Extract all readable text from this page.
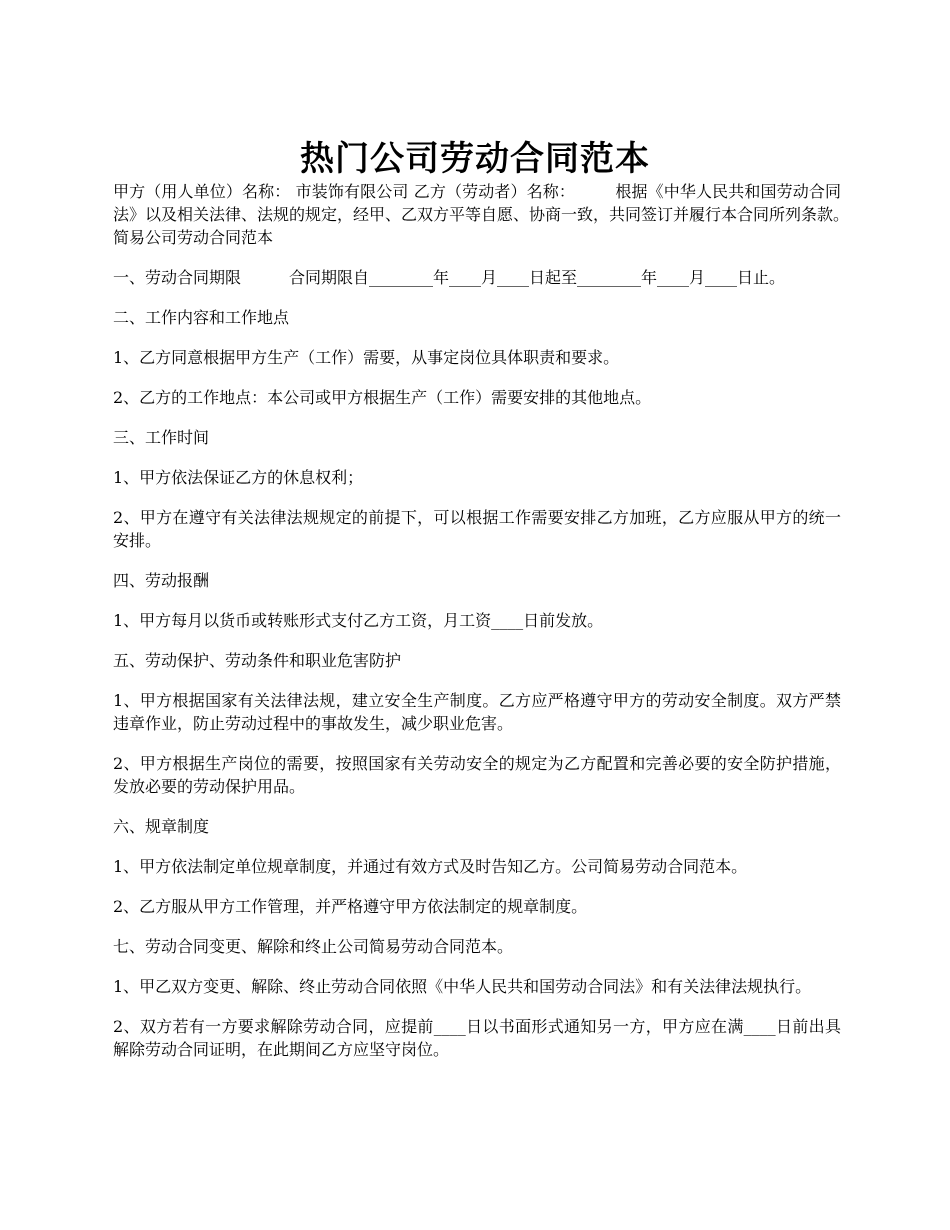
热门公司劳动合同范本

甲方（用人单位）名称： 市装饰有限公司 乙方（劳动者）名称：　　　根据《中华人民共和国劳动合同法》以及相关法律、法规的规定，经甲、乙双方平等自愿、协商一致，共同签订并履行本合同所列条款。　　　简易公司劳动合同范本

一、劳动合同期限　　　合同期限自________年____月____日起至________年____月____日止。

二、工作内容和工作地点

1、乙方同意根据甲方生产（工作）需要，从事定岗位具体职责和要求。

2、乙方的工作地点：本公司或甲方根据生产（工作）需要安排的其他地点。

三、工作时间

1、甲方依法保证乙方的休息权利；

2、甲方在遵守有关法律法规规定的前提下，可以根据工作需要安排乙方加班，乙方应服从甲方的统一安排。

四、劳动报酬

1、甲方每月以货币或转账形式支付乙方工资，月工资____日前发放。

五、劳动保护、劳动条件和职业危害防护

1、甲方根据国家有关法律法规，建立安全生产制度。乙方应严格遵守甲方的劳动安全制度。双方严禁违章作业，防止劳动过程中的事故发生，减少职业危害。

2、甲方根据生产岗位的需要，按照国家有关劳动安全的规定为乙方配置和完善必要的安全防护措施，发放必要的劳动保护用品。

六、规章制度

1、甲方依法制定单位规章制度，并通过有效方式及时告知乙方。公司简易劳动合同范本。

2、乙方服从甲方工作管理，并严格遵守甲方依法制定的规章制度。

七、劳动合同变更、解除和终止公司简易劳动合同范本。

1、甲乙双方变更、解除、终止劳动合同依照《中华人民共和国劳动合同法》和有关法律法规执行。

2、双方若有一方要求解除劳动合同，应提前____日以书面形式通知另一方，甲方应在满____日前出具解除劳动合同证明，在此期间乙方应坚守岗位。
